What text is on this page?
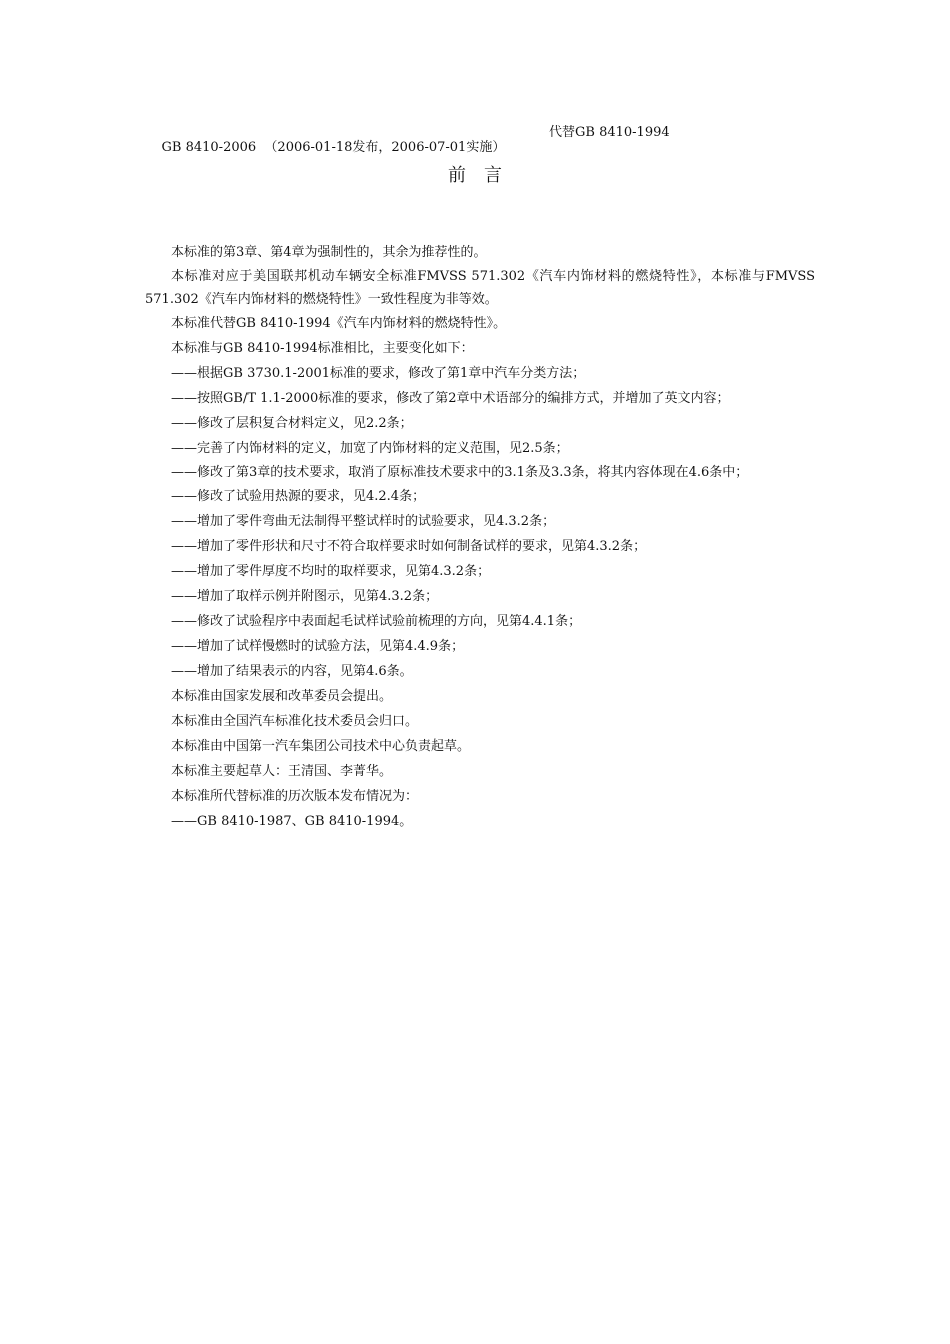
GB 8410-2006  （2006-01-18发布，2006-07-01实施）

代替GB 8410-1994

前言

本标准的第3章、第4章为强制性的，其余为推荐性的。

本标准对应于美国联邦机动车辆安全标准FMVSS 571.302《汽车内饰材料的燃烧特性》，本标准与FMVSS 571.302《汽车内饰材料的燃烧特性》一致性程度为非等效。

本标准代替GB 8410-1994《汽车内饰材料的燃烧特性》。

本标准与GB 8410-1994标准相比，主要变化如下：

——根据GB 3730.1-2001标准的要求，修改了第1章中汽车分类方法；

——按照GB/T 1.1-2000标准的要求，修改了第2章中术语部分的编排方式，并增加了英文内容；

——修改了层积复合材料定义，见2.2条；

——完善了内饰材料的定义，加宽了内饰材料的定义范围，见2.5条；

——修改了第3章的技术要求，取消了原标准技术要求中的3.1条及3.3条，将其内容体现在4.6条中；

——修改了试验用热源的要求，见4.2.4条；

——增加了零件弯曲无法制得平整试样时的试验要求，见4.3.2条；

——增加了零件形状和尺寸不符合取样要求时如何制备试样的要求，见第4.3.2条；

——增加了零件厚度不均时的取样要求，见第4.3.2条；

——增加了取样示例并附图示，见第4.3.2条；

——修改了试验程序中表面起毛试样试验前梳理的方向，见第4.4.1条；

——增加了试样慢燃时的试验方法，见第4.4.9条；

——增加了结果表示的内容，见第4.6条。

本标准由国家发展和改革委员会提出。

本标准由全国汽车标准化技术委员会归口。

本标准由中国第一汽车集团公司技术中心负责起草。

本标准主要起草人：王清国、李菁华。

本标准所代替标准的历次版本发布情况为：

——GB 8410-1987、GB 8410-1994。
